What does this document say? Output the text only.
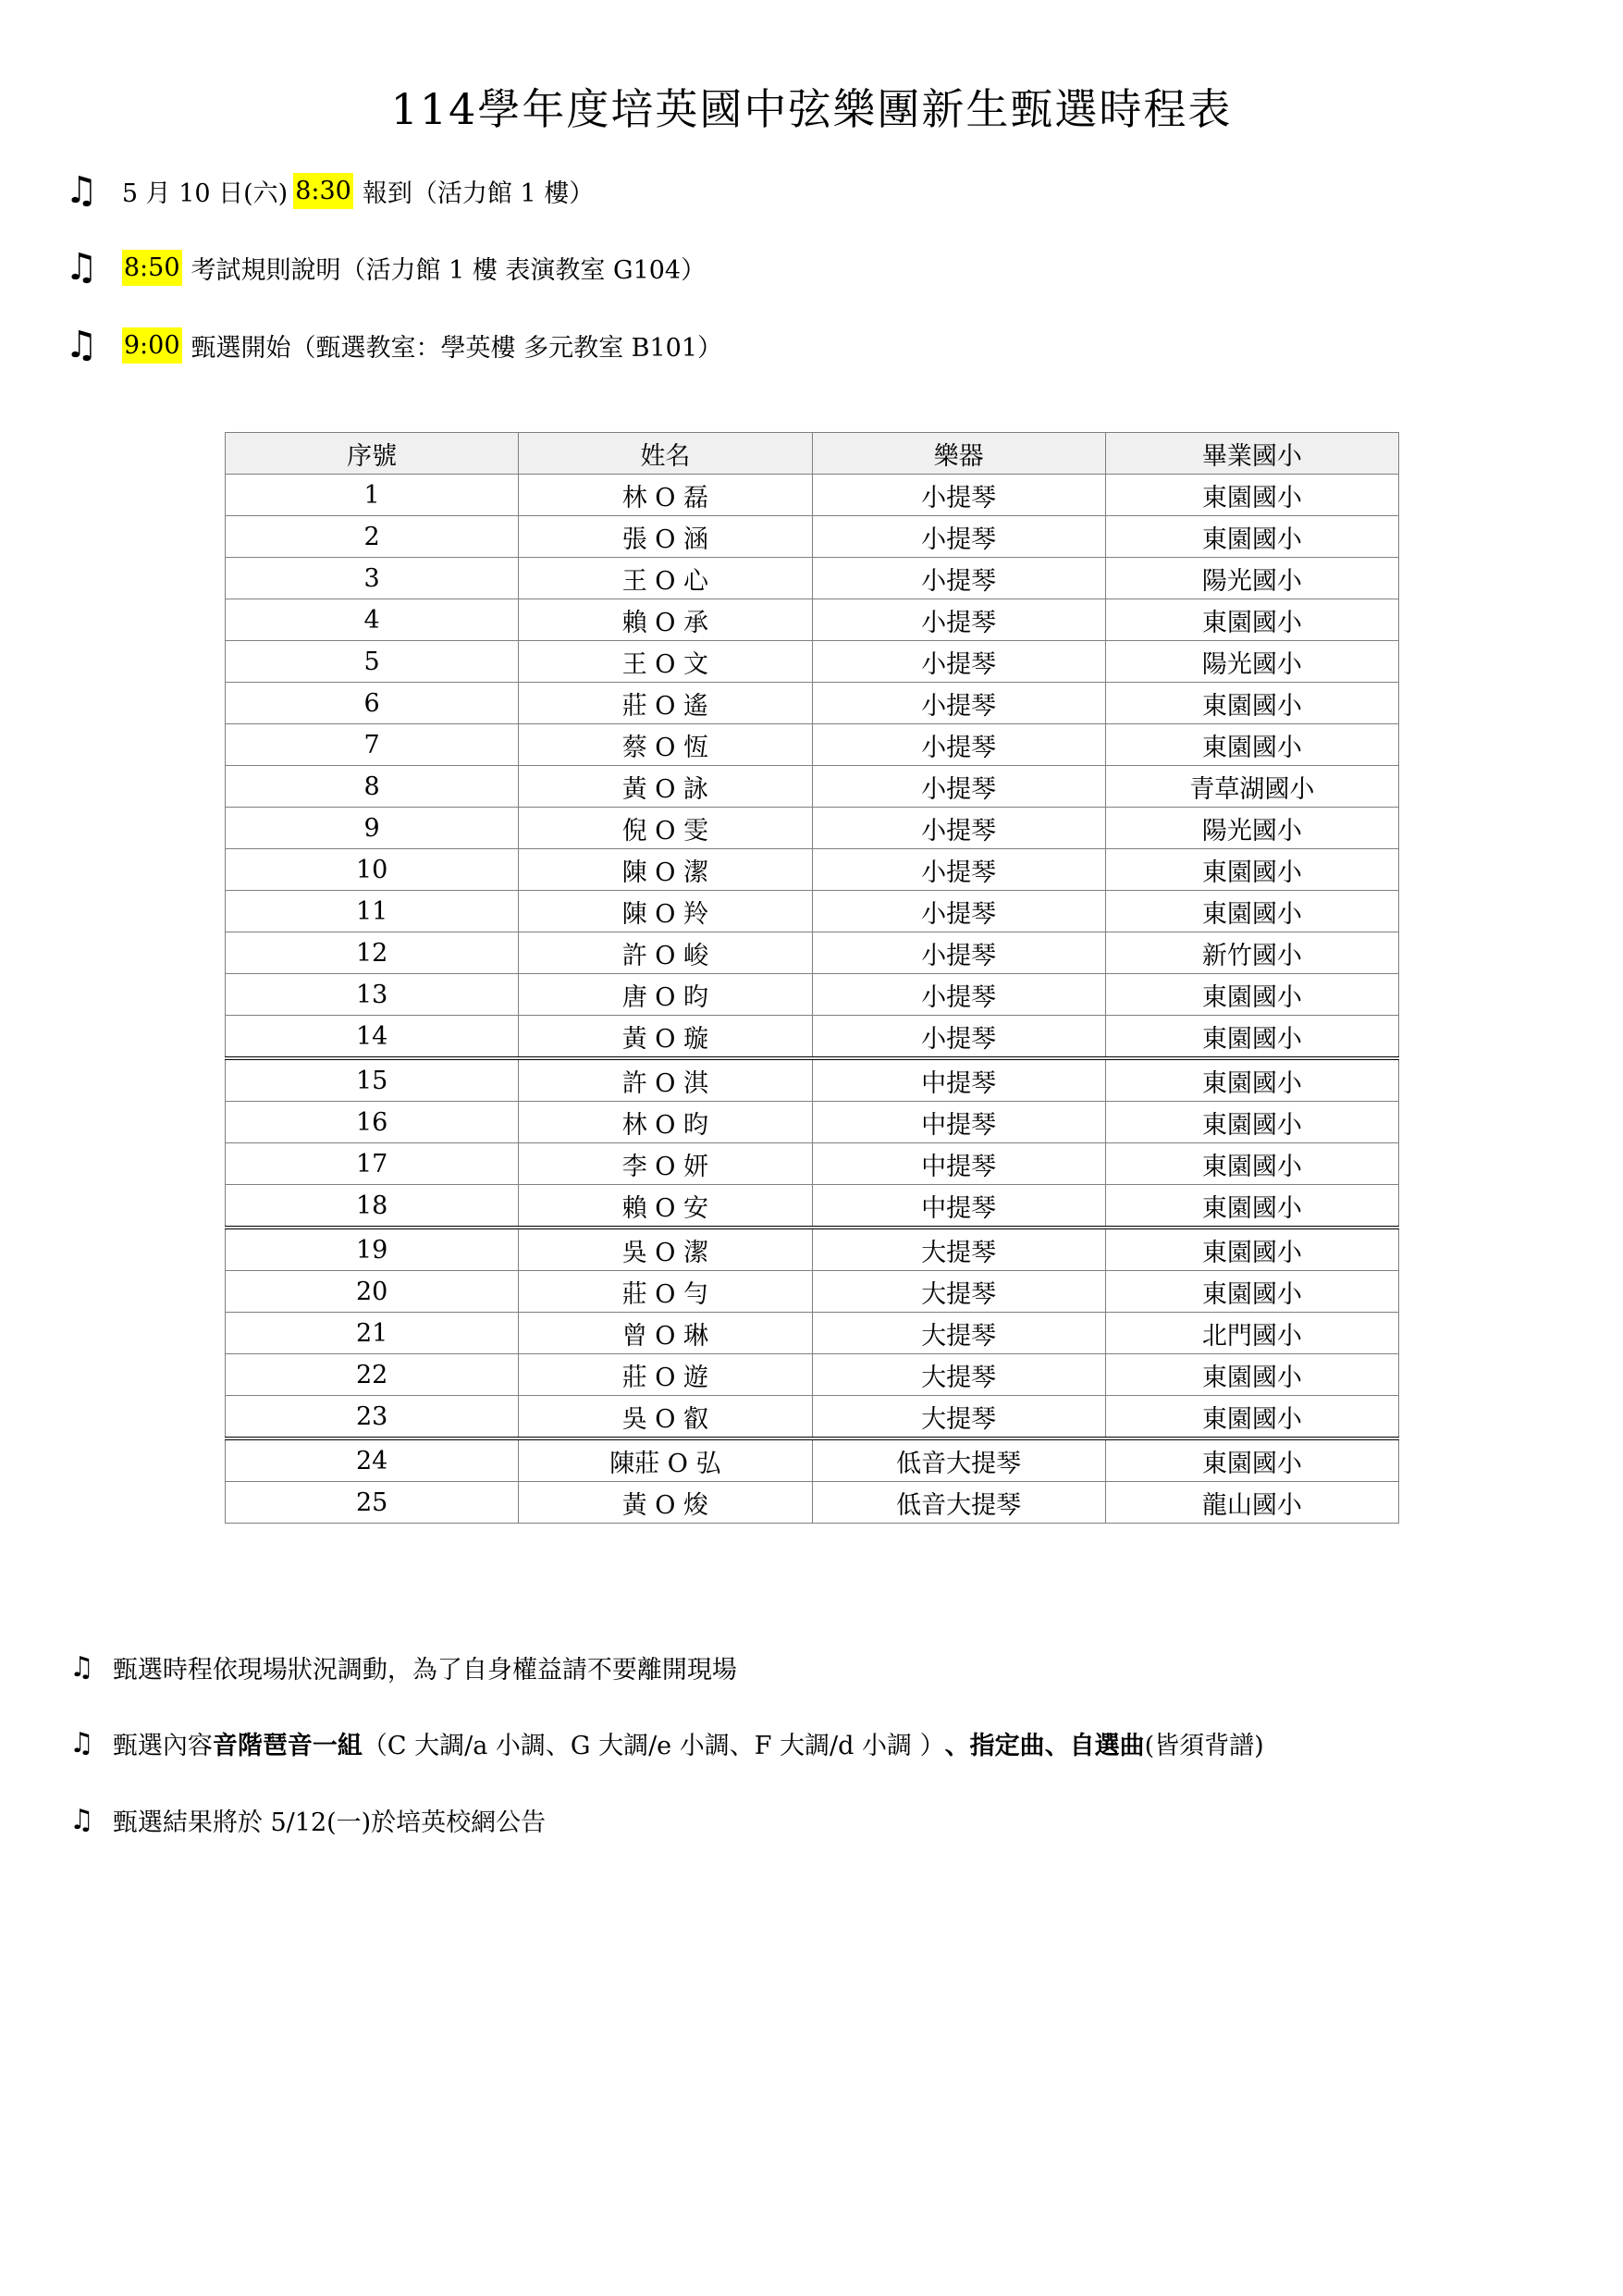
114學年度培英國中弦樂團新生甄選時程表
♫ 5 月 10 日(六) 8:30 報到（活力館 1 樓）
♫ 8:50 考試規則說明（活力館 1 樓 表演教室 G104）
♫ 9:00 甄選開始（甄選教室：學英樓 多元教室 B101）
序號	姓名	樂器	畢業國小
1	林 O 磊	小提琴	東園國小
2	張 O 涵	小提琴	東園國小
3	王 O 心	小提琴	陽光國小
4	賴 O 承	小提琴	東園國小
5	王 O 文	小提琴	陽光國小
6	莊 O 遙	小提琴	東園國小
7	蔡 O 恆	小提琴	東園國小
8	黃 O 詠	小提琴	青草湖國小
9	倪 O 雯	小提琴	陽光國小
10	陳 O 潔	小提琴	東園國小
11	陳 O 羚	小提琴	東園國小
12	許 O 峻	小提琴	新竹國小
13	唐 O 昀	小提琴	東園國小
14	黃 O 璇	小提琴	東園國小
15	許 O 淇	中提琴	東園國小
16	林 O 昀	中提琴	東園國小
17	李 O 妍	中提琴	東園國小
18	賴 O 安	中提琴	東園國小
19	吳 O 潔	大提琴	東園國小
20	莊 O 勻	大提琴	東園國小
21	曾 O 琳	大提琴	北門國小
22	莊 O 遊	大提琴	東園國小
23	吳 O 叡	大提琴	東園國小
24	陳莊 O 弘	低音大提琴	東園國小
25	黃 O 焌	低音大提琴	龍山國小
♫ 甄選時程依現場狀況調動，為了自身權益請不要離開現場
♫ 甄選內容 音階琶音一組 （C 大調/a 小調、G 大調/e 小調、F 大調/d 小調 ） 、指定曲、自選曲 (皆須背譜)
♫ 甄選結果將於 5/12(一)於培英校網公告
